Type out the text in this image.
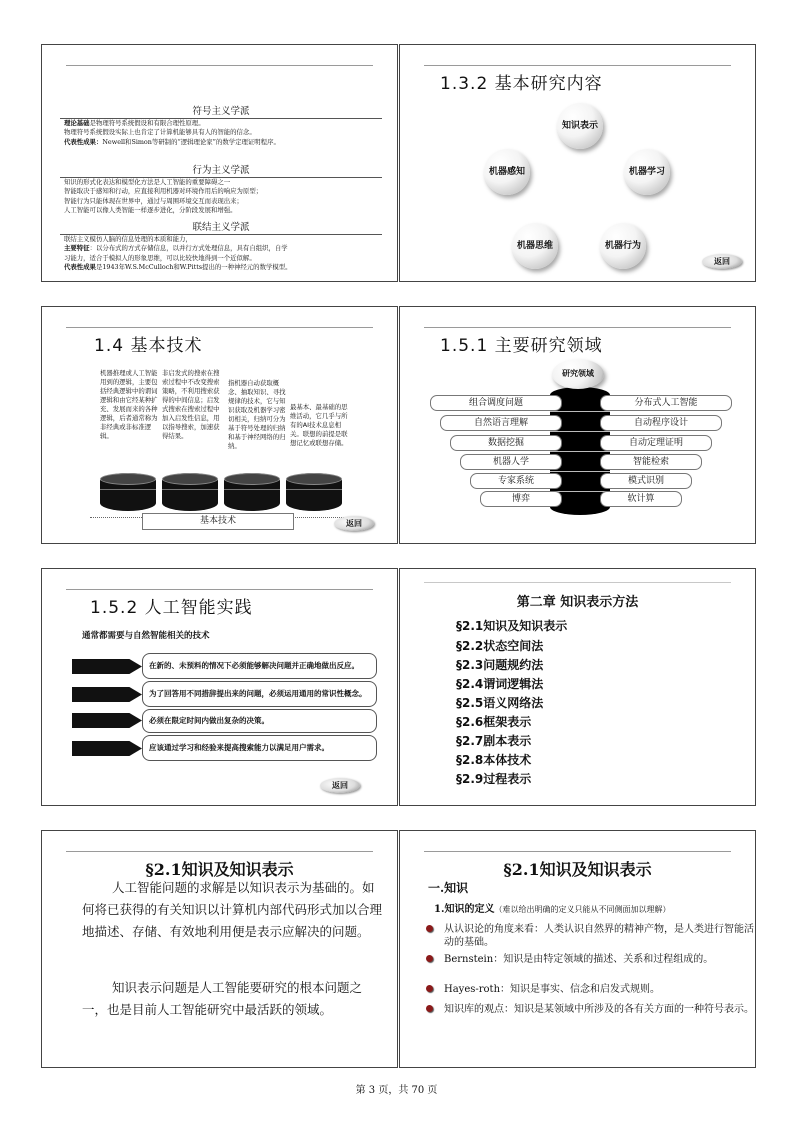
符号主义学派
理论基础是物理符号系统假设和有限合理性原理。
物理符号系统假设实际上也肯定了计算机能够具有人的智能的信念。
代表性成果：Newell和Simon等研制的“逻辑理论家”的数学定理证明程序。
行为主义学派
知识的形式化表达和模型化方法是人工智能的重要障碍之一
智能取决于感知和行动，应直接利用机器对环境作用后的响应为原型；
智能行为只能体现在世界中，通过与周围环境交互而表现出来；
人工智能可以像人类智能一样逐步进化，分阶段发展和增强。
联结主义学派
联结主义模仿人脑的信息处理的本质和能力，
主要特征：以分布式的方式存储信息，以并行方式处理信息，具有自组织，自学
习能力，适合于模拟人的形象思维，可以比较快地得到一个近似解。
代表性成果是1943年W.S.McCulloch和W.Pitts提出的一种神经元的数学模型。
1.3.2 基本研究内容
知识表示
机器感知	机器学习
机器思维	机器行为
返回
1.4 基本技术
机器推理或人工智能用到的逻辑，主要包括经典逻辑中的谓词逻辑和由它经某种扩充、发展而来的各种逻辑，后者通常称为非经典或非标准逻辑。
非启发式的搜索在搜索过程中不改变搜索策略，不利用搜索获得的中间信息；启发式搜索在搜索过程中加入启发性信息，用以指导搜索，加速获得结果。
指机器自动获取概念、抽取知识、寻找规律的技术，它与知识获取及机器学习密切相关，归纳可分为基于符号处理的归纳和基于神经网络的归纳。
最基本、最基础的思维活动，它几乎与所有的AI技术息息相关。联想的前提是联想记忆或联想存储。
基本技术	返回
1.5.1 主要研究领域
研究领域
组合调度问题
自然语言理解
数据挖掘
机器人学
专家系统
博弈
分布式人工智能
自动程序设计
自动定理证明
智能检索
模式识别
软计算
1.5.2 人工智能实践
通常都需要与自然智能相关的技术
在新的、未预料的情况下必须能够解决问题并正确地做出反应。
为了回答用不同措辞提出来的问题，必须运用通用的常识性概念。
必须在限定时间内做出复杂的决策。
应该通过学习和经验来提高搜索能力以满足用户需求。
返回
第二章 知识表示方法
§2.1知识及知识表示
§2.2状态空间法
§2.3问题规约法
§2.4谓词逻辑法
§2.5语义网络法
§2.6框架表示
§2.7剧本表示
§2.8本体技术
§2.9过程表示
§2.1知识及知识表示
人工智能问题的求解是以知识表示为基础的。如何将已获得的有关知识以计算机内部代码形式加以合理地描述、存储、有效地利用便是表示应解决的问题。
知识表示问题是人工智能要研究的根本问题之一，也是目前人工智能研究中最活跃的领域。
§2.1知识及知识表示
一.知识
1.知识的定义（难以给出明确的定义只能从不同侧面加以理解）
从认识论的角度来看：人类认识自然界的精神产物，是人类进行智能活动的基础。
Bernstein：知识是由特定领域的描述、关系和过程组成的。
Hayes-roth：知识是事实、信念和启发式规则。
知识库的观点：知识是某领域中所涉及的各有关方面的一种符号表示。
第 3 页，共 70 页
